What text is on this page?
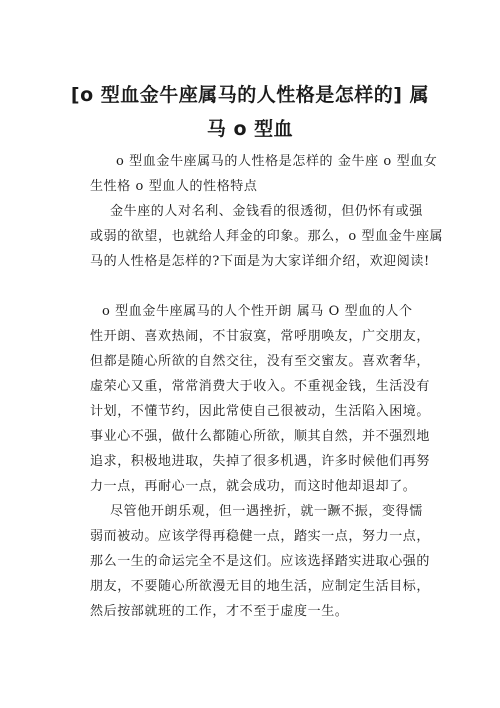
[o 型血金牛座属马的人性格是怎样的] 属
马 o 型血

o 型血金牛座属马的人性格是怎样的 金牛座 o 型血女
生性格 o 型血人的性格特点

金牛座的人对名利、金钱看的很透彻，但仍怀有或强
或弱的欲望，也就给人拜金的印象。那么，o 型血金牛座属
马的人性格是怎样的?下面是为大家详细介绍，欢迎阅读!

o 型血金牛座属马的人个性开朗 属马 O 型血的人个
性开朗、喜欢热闹，不甘寂寞，常呼朋唤友，广交朋友，
但都是随心所欲的自然交往，没有至交蜜友。喜欢奢华，
虚荣心又重，常常消费大于收入。不重视金钱，生活没有
计划，不懂节约，因此常使自己很被动，生活陷入困境。
事业心不强，做什么都随心所欲，顺其自然，并不强烈地
追求，积极地进取，失掉了很多机遇，许多时候他们再努
力一点，再耐心一点，就会成功，而这时他却退却了。

尽管他开朗乐观，但一遇挫折，就一蹶不振，变得懦
弱而被动。应该学得再稳健一点，踏实一点，努力一点，
那么一生的命运完全不是这们。应该选择踏实进取心强的
朋友，不要随心所欲漫无目的地生活，应制定生活目标，
然后按部就班的工作，才不至于虚度一生。
